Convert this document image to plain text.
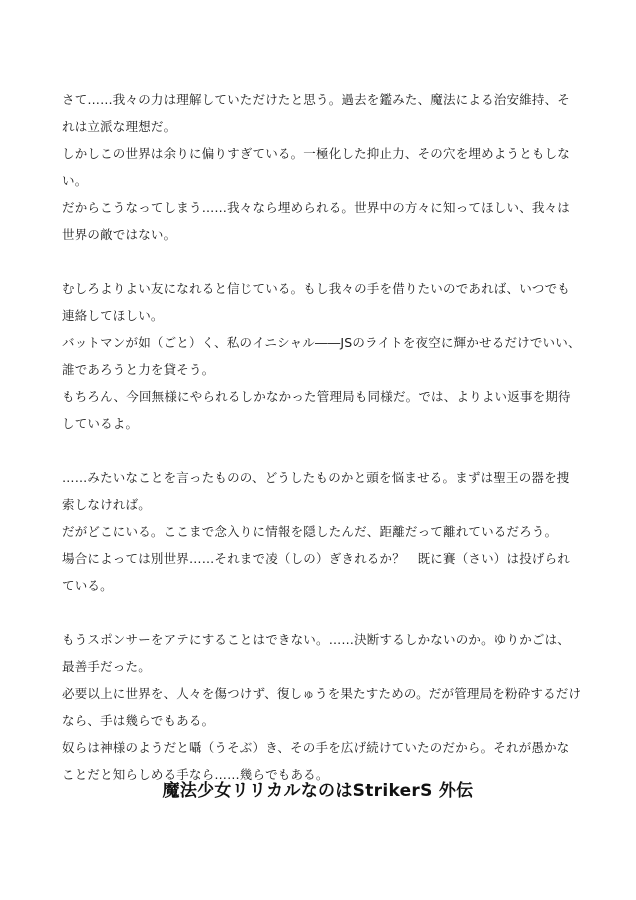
さて……我々の力は理解していただけたと思う。過去を鑑みた、魔法による治安維持、それは立派な理想だ。

しかしこの世界は余りに偏りすぎている。一極化した抑止力、その穴を埋めようともしない。

だからこうなってしまう……我々なら埋められる。世界中の方々に知ってほしい、我々は世界の敵ではない。

むしろよりよい友になれると信じている。もし我々の手を借りたいのであれば、いつでも連絡してほしい。

バットマンが如（ごと）く、私のイニシャル――JSのライトを夜空に輝かせるだけでいい、誰であろうと力を貸そう。

もちろん、今回無様にやられるしかなかった管理局も同様だ。では、よりよい返事を期待しているよ。

……みたいなことを言ったものの、どうしたものかと頭を悩ませる。まずは聖王の器を捜索しなければ。

だがどこにいる。ここまで念入りに情報を隠したんだ、距離だって離れているだろう。

場合によっては別世界……それまで凌（しの）ぎきれるか？　既に賽（さい）は投げられている。

もうスポンサーをアテにすることはできない。……決断するしかないのか。ゆりかごは、最善手だった。

必要以上に世界を、人々を傷つけず、復しゅうを果たすための。だが管理局を粉砕するだけなら、手は幾らでもある。

奴らは神様のようだと囁（うそぶ）き、その手を広げ続けていたのだから。それが愚かなことだと知らしめる手なら……幾らでもある。

魔法少女リリカルなのはStrikerS 外伝
